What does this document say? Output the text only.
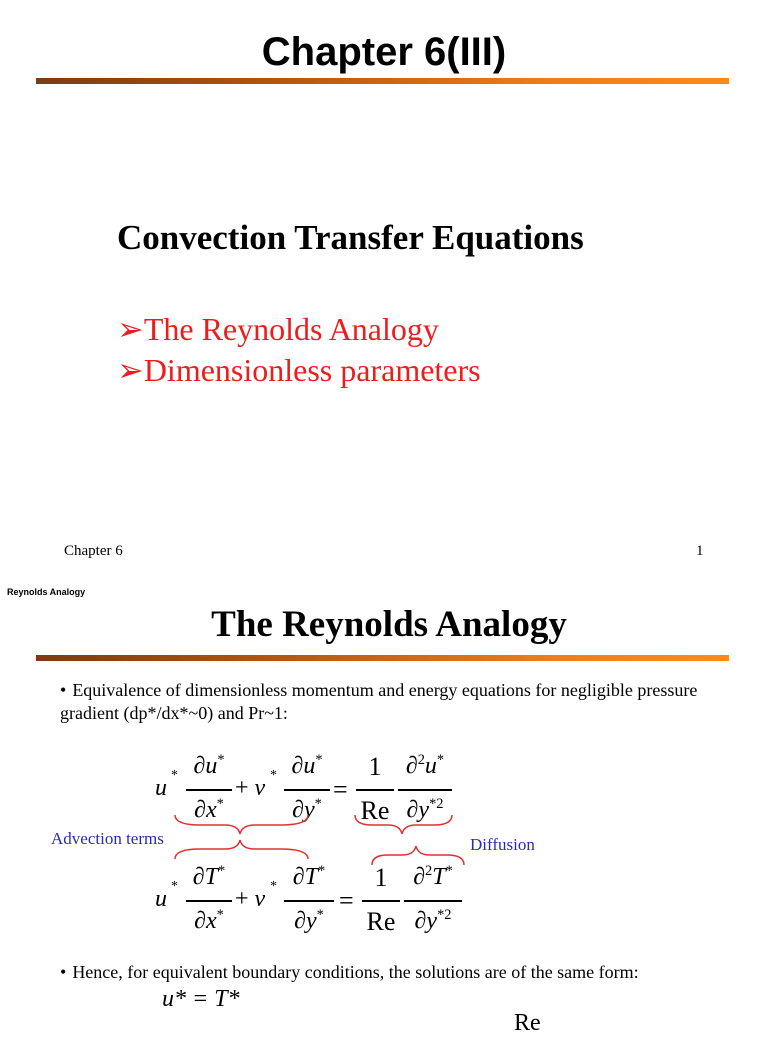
Chapter 6(III)
Convection Transfer Equations
➢The Reynolds Analogy
➢Dimensionless parameters
Chapter 6	1
Reynolds Analogy
The Reynolds Analogy
• Equivalence of dimensionless momentum and energy equations for negligible pressure gradient (dp*/dx*~0) and Pr~1:
u * ∂u*
∂x*
+ v * ∂u*
∂y* =
1
Re
∂$^2$u*
$\partial y^{*2}$
Advection terms	Diffusion
u * ∂T*
∂x*
+ v * ∂T*
∂y* =
1
Re
∂$^2$T*
$\partial y^{*2}$
• Hence, for equivalent boundary conditions, the solutions are of the same form:
u* = T*
Re
